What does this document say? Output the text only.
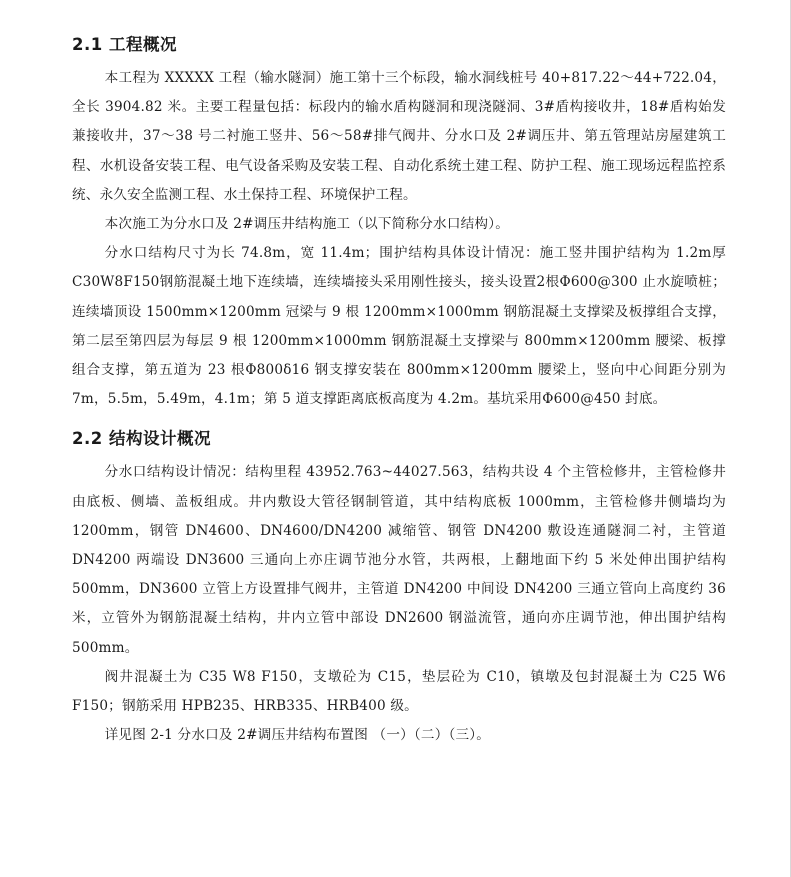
2.1 工程概况

本工程为 XXXXX 工程（输水隧洞）施工第十三个标段，输水洞线桩号 40+817.22～44+722.04，全长 3904.82 米。主要工程量包括：标段内的输水盾构隧洞和现浇隧洞、3#盾构接收井，18#盾构始发兼接收井，37～38 号二衬施工竖井、56～58#排气阀井、分水口及 2#调压井、第五管理站房屋建筑工程、水机设备安装工程、电气设备采购及安装工程、自动化系统土建工程、防护工程、施工现场远程监控系统、永久安全监测工程、水土保持工程、环境保护工程。

本次施工为分水口及 2#调压井结构施工（以下简称分水口结构）。

分水口结构尺寸为长 74.8m，宽 11.4m；围护结构具体设计情况：施工竖井围护结构为 1.2m厚C30W8F150钢筋混凝土地下连续墙，连续墙接头采用刚性接头，接头设置2根Φ600@300 止水旋喷桩；连续墙顶设 1500mm×1200mm 冠梁与 9 根 1200mm×1000mm 钢筋混凝土支撑梁及板撑组合支撑，第二层至第四层为每层 9 根 1200mm×1000mm 钢筋混凝土支撑梁与 800mm×1200mm 腰梁、板撑组合支撑，第五道为 23 根Φ800δ16 钢支撑安装在 800mm×1200mm 腰梁上，竖向中心间距分别为 7m，5.5m，5.49m，4.1m；第 5 道支撑距离底板高度为 4.2m。基坑采用Φ600@450 封底。

2.2 结构设计概况

分水口结构设计情况：结构里程 43952.763~44027.563，结构共设 4 个主管检修井，主管检修井由底板、侧墙、盖板组成。井内敷设大管径钢制管道，其中结构底板 1000mm，主管检修井侧墙均为 1200mm，钢管 DN4600、DN4600/DN4200 减缩管、钢管 DN4200 敷设连通隧洞二衬，主管道 DN4200 两端设 DN3600 三通向上亦庄调节池分水管，共两根，上翻地面下约 5 米处伸出围护结构 500mm，DN3600 立管上方设置排气阀井，主管道 DN4200 中间设 DN4200 三通立管向上高度约 36 米，立管外为钢筋混凝土结构，井内立管中部设 DN2600 钢溢流管，通向亦庄调节池，伸出围护结构 500mm。

阀井混凝土为 C35 W8 F150，支墩砼为 C15，垫层砼为 C10，镇墩及包封混凝土为 C25 W6 F150；钢筋采用 HPB235、HRB335、HRB400 级。

详见图 2-1 分水口及 2#调压井结构布置图 （一）（二）（三）。
